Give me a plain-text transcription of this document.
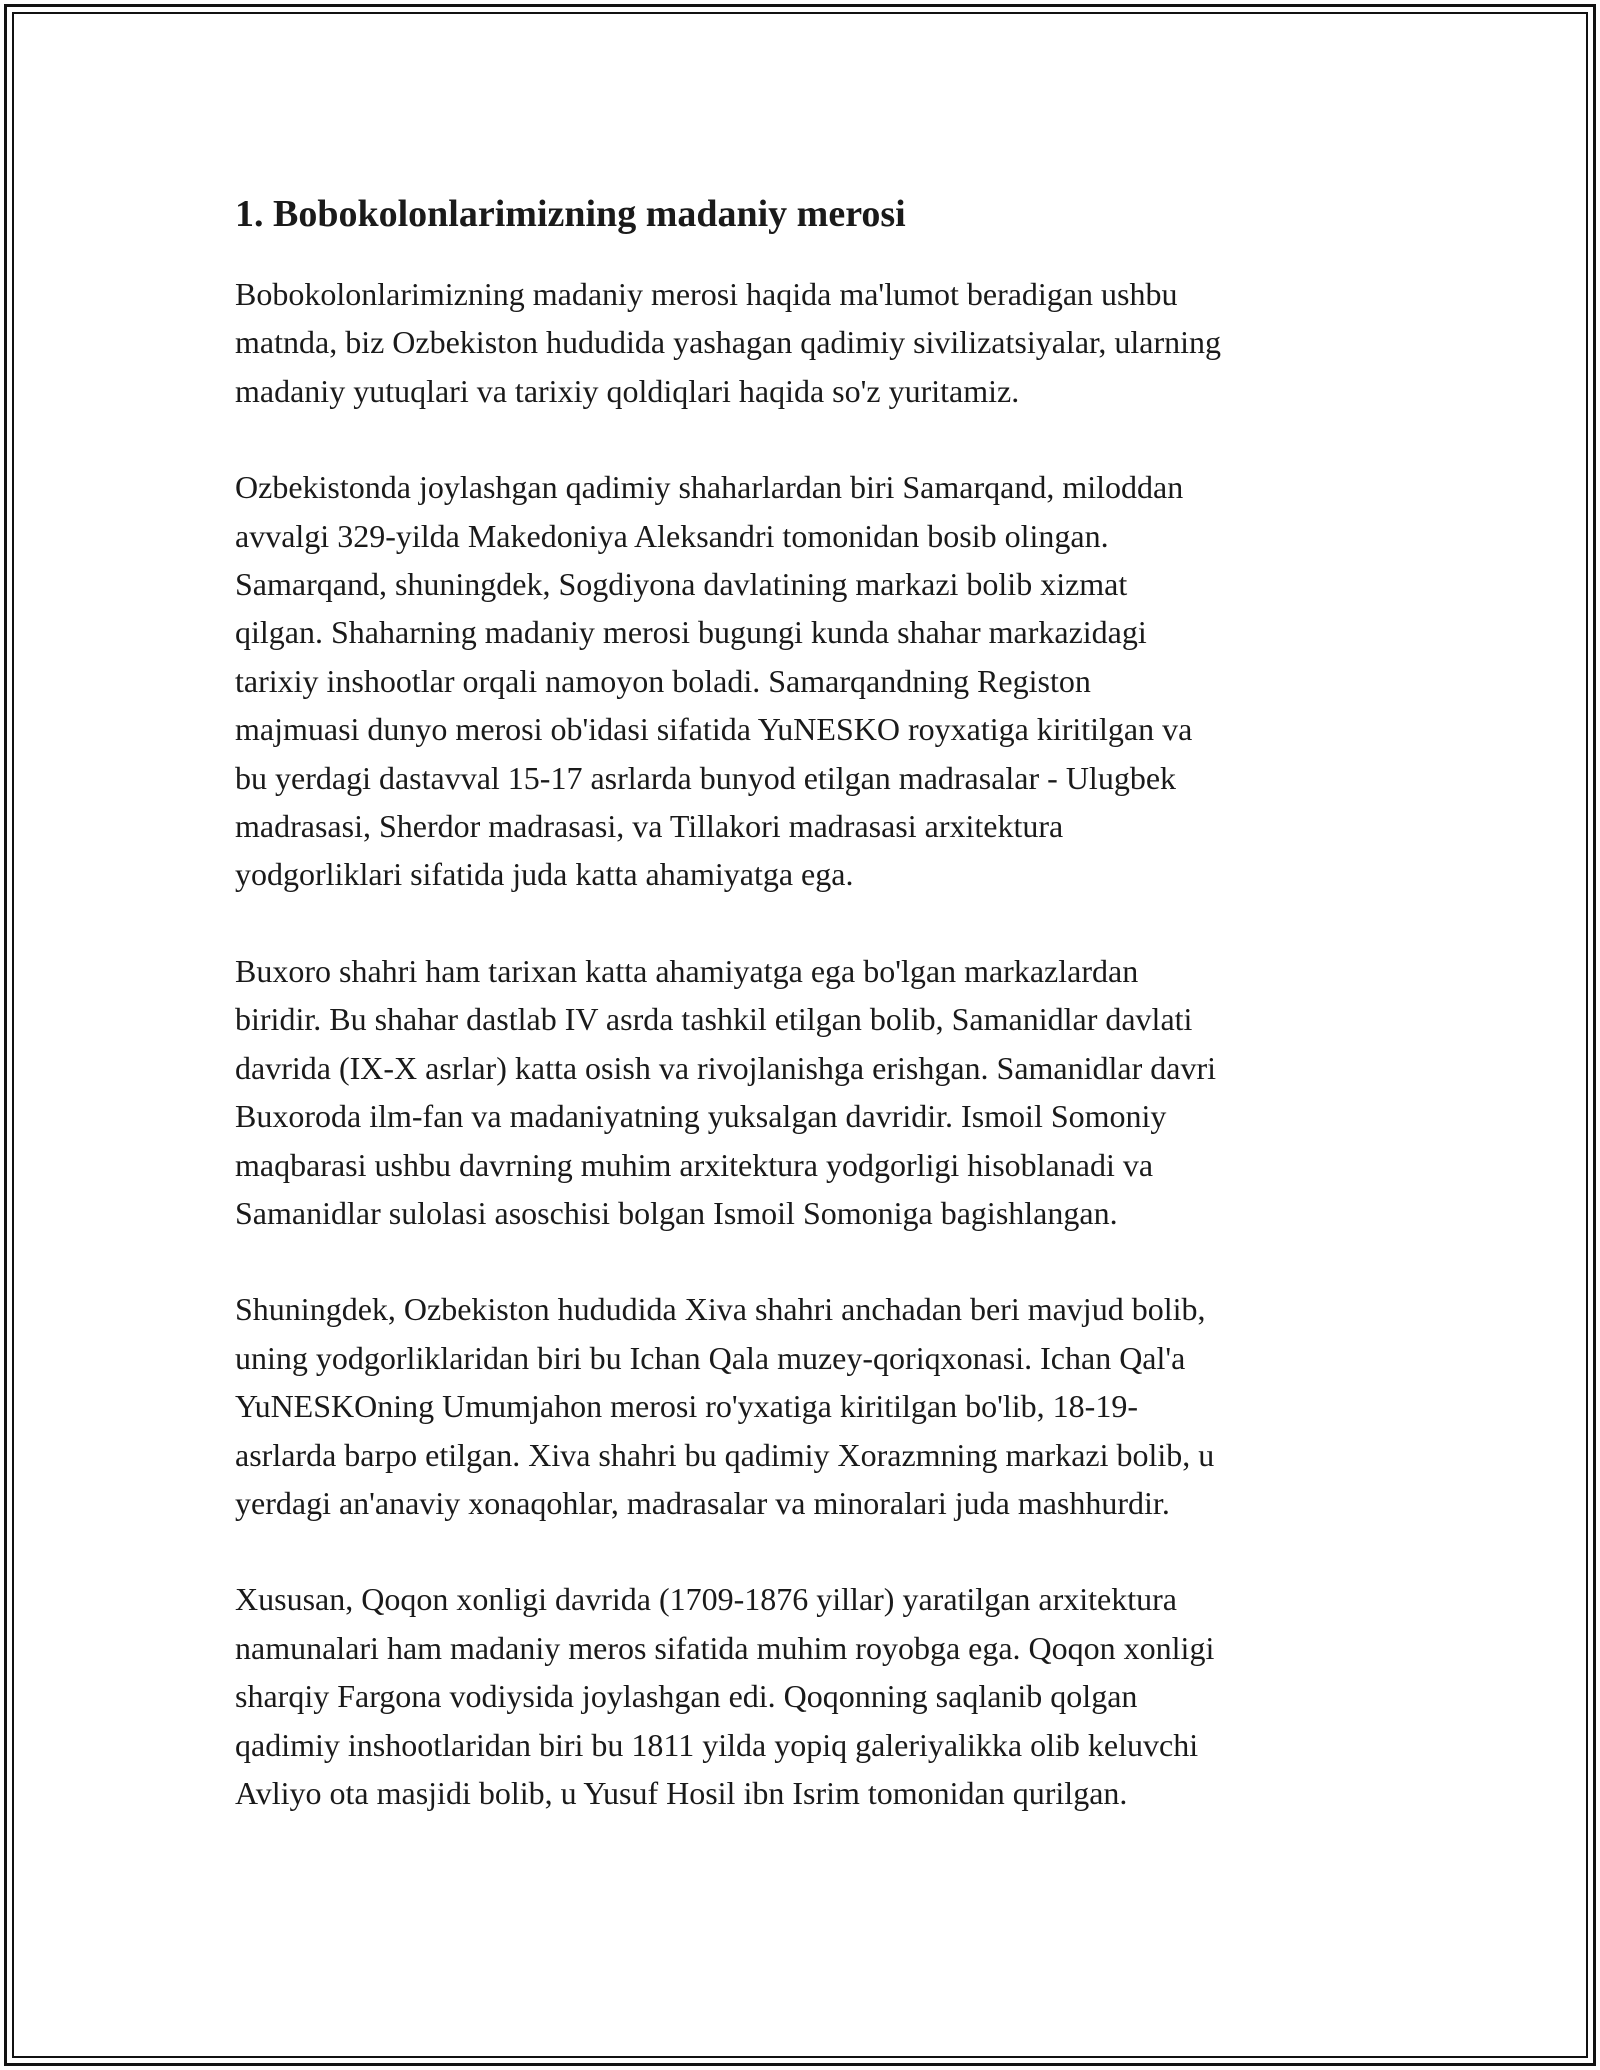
1. Bobokolonlarimizning madaniy merosi

Bobokolonlarimizning madaniy merosi haqida ma'lumot beradigan ushbu
matnda, biz Ozbekiston hududida yashagan qadimiy sivilizatsiyalar, ularning
madaniy yutuqlari va tarixiy qoldiqlari haqida so'z yuritamiz.

Ozbekistonda joylashgan qadimiy shaharlardan biri Samarqand, miloddan
avvalgi 329-yilda Makedoniya Aleksandri tomonidan bosib olingan.
Samarqand, shuningdek, Sogdiyona davlatining markazi bolib xizmat
qilgan. Shaharning madaniy merosi bugungi kunda shahar markazidagi
tarixiy inshootlar orqali namoyon boladi. Samarqandning Registon
majmuasi dunyo merosi ob'idasi sifatida YuNESKO royxatiga kiritilgan va
bu yerdagi dastavval 15-17 asrlarda bunyod etilgan madrasalar - Ulugbek
madrasasi, Sherdor madrasasi, va Tillakori madrasasi arxitektura
yodgorliklari sifatida juda katta ahamiyatga ega.

Buxoro shahri ham tarixan katta ahamiyatga ega bo'lgan markazlardan
biridir. Bu shahar dastlab IV asrda tashkil etilgan bolib, Samanidlar davlati
davrida (IX-X asrlar) katta osish va rivojlanishga erishgan. Samanidlar davri
Buxoroda ilm-fan va madaniyatning yuksalgan davridir. Ismoil Somoniy
maqbarasi ushbu davrning muhim arxitektura yodgorligi hisoblanadi va
Samanidlar sulolasi asoschisi bolgan Ismoil Somoniga bagishlangan.

Shuningdek, Ozbekiston hududida Xiva shahri anchadan beri mavjud bolib,
uning yodgorliklaridan biri bu Ichan Qala muzey-qoriqxonasi. Ichan Qal'a
YuNESKOning Umumjahon merosi ro'yxatiga kiritilgan bo'lib, 18-19-
asrlarda barpo etilgan. Xiva shahri bu qadimiy Xorazmning markazi bolib, u
yerdagi an'anaviy xonaqohlar, madrasalar va minoralari juda mashhurdir.

Xususan, Qoqon xonligi davrida (1709-1876 yillar) yaratilgan arxitektura
namunalari ham madaniy meros sifatida muhim royobga ega. Qoqon xonligi
sharqiy Fargona vodiysida joylashgan edi. Qoqonning saqlanib qolgan
qadimiy inshootlaridan biri bu 1811 yilda yopiq galeriyalikka olib keluvchi
Avliyo ota masjidi bolib, u Yusuf Hosil ibn Isrim tomonidan qurilgan.
